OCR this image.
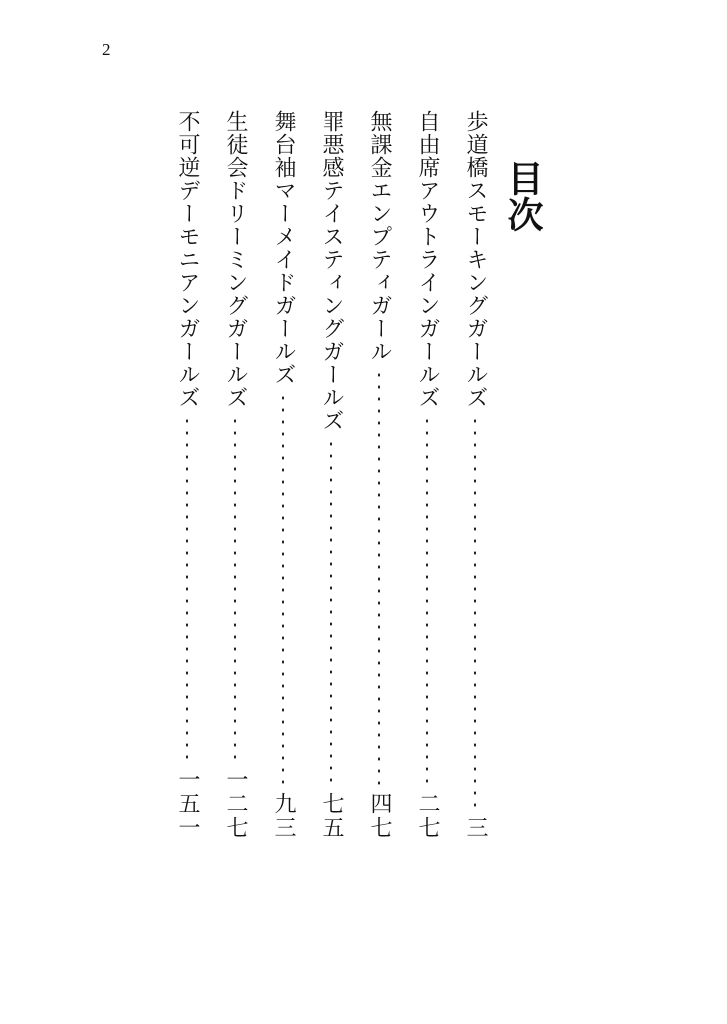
2
目次
歩道橋スモーキングガールズ
三
自由席アウトラインガールズ
二七
無課金エンプティガール
四七
罪悪感テイスティングガールズ
七五
舞台袖マーメイドガールズ
九三
生徒会ドリーミングガールズ
一二七
不可逆デーモニアンガールズ
一五一
